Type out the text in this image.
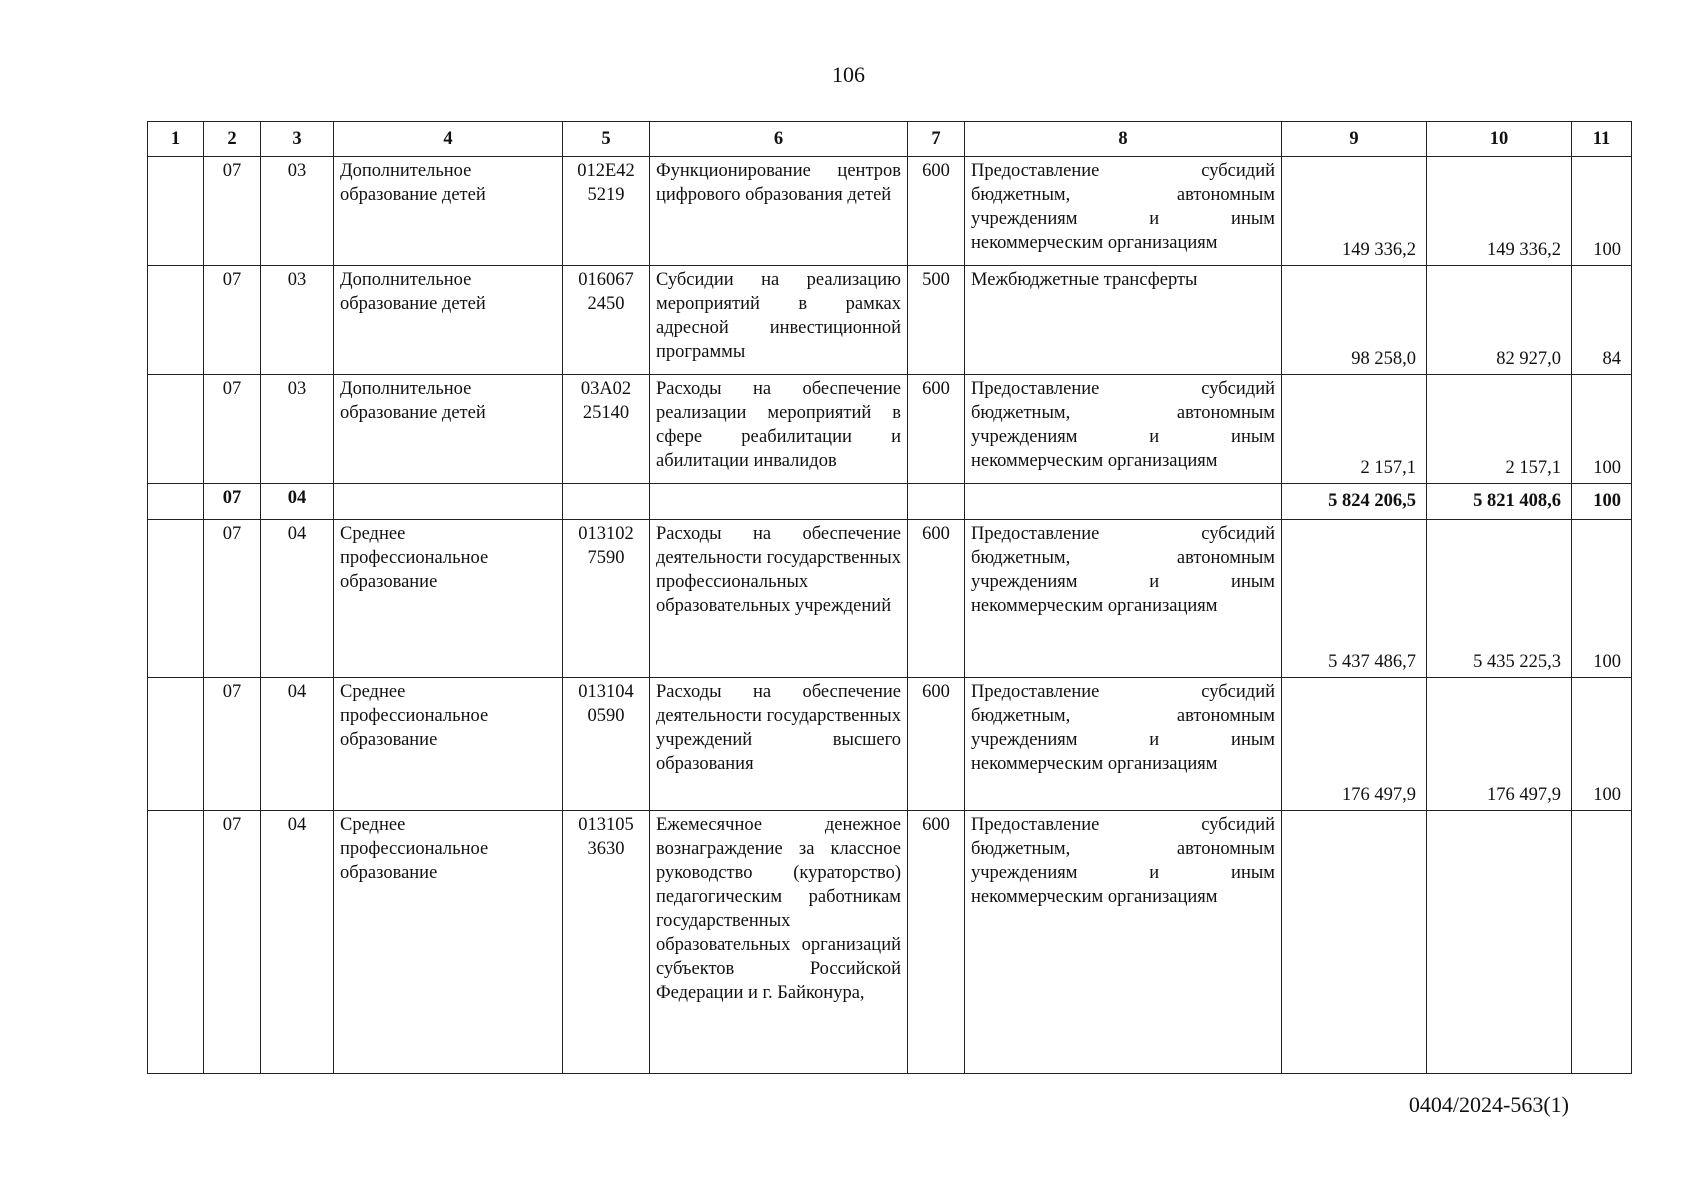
106
1	2	3	4	5	6	7	8	9	10	11
	07	03	Дополнительное образование детей	012E42 5219	Функционирование центров цифрового образования детей	600	Предоставление субсидий бюджетным, автономным учреждениям и иным некоммерческим организациям	149 336,2	149 336,2	100
	07	03	Дополнительное образование детей	016067 2450	Субсидии на реализацию мероприятий в рамках адресной инвестиционной программы	500	Межбюджетные трансферты	98 258,0	82 927,0	84
	07	03	Дополнительное образование детей	03А02 25140	Расходы на обеспечение реализации мероприятий в сфере реабилитации и абилитации инвалидов	600	Предоставление субсидий бюджетным, автономным учреждениям и иным некоммерческим организациям	2 157,1	2 157,1	100
	07	04						5 824 206,5	5 821 408,6	100
	07	04	Среднее профессиональное образование	013102 7590	Расходы на обеспечение деятельности государственных профессиональных образовательных учреждений	600	Предоставление субсидий бюджетным, автономным учреждениям и иным некоммерческим организациям	5 437 486,7	5 435 225,3	100
	07	04	Среднее профессиональное образование	013104 0590	Расходы на обеспечение деятельности государственных учреждений высшего образования	600	Предоставление субсидий бюджетным, автономным учреждениям и иным некоммерческим организациям	176 497,9	176 497,9	100
	07	04	Среднее профессиональное образование	013105 3630	Ежемесячное денежное вознаграждение за классное руководство (кураторство) педагогическим работникам государственных образовательных организаций субъектов Российской Федерации и г. Байконура,	600	Предоставление субсидий бюджетным, автономным учреждениям и иным некоммерческим организациям			
0404/2024-563(1)
